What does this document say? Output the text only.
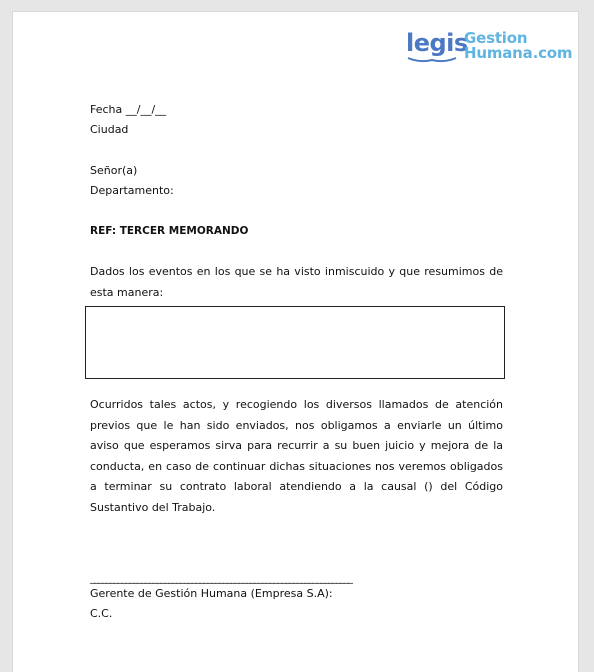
legis
Gestion
Humana.com
Fecha __/__/__
Ciudad
Señor(a)
Departamento:
REF: TERCER MEMORANDO
Dados los eventos en los que se ha visto inmiscuido y que resumimos de esta manera:
Ocurridos tales actos, y recogiendo los diversos llamados de atención previos que le han sido enviados, nos obligamos a enviarle un último aviso que esperamos sirva para recurrir a su buen juicio y mejora de la conducta, en caso de continuar dichas situaciones nos veremos obligados a terminar su contrato laboral atendiendo a la causal () del Código Sustantivo del Trabajo.
___________________________________________________________________
Gerente de Gestión Humana (Empresa S.A):
C.C.
